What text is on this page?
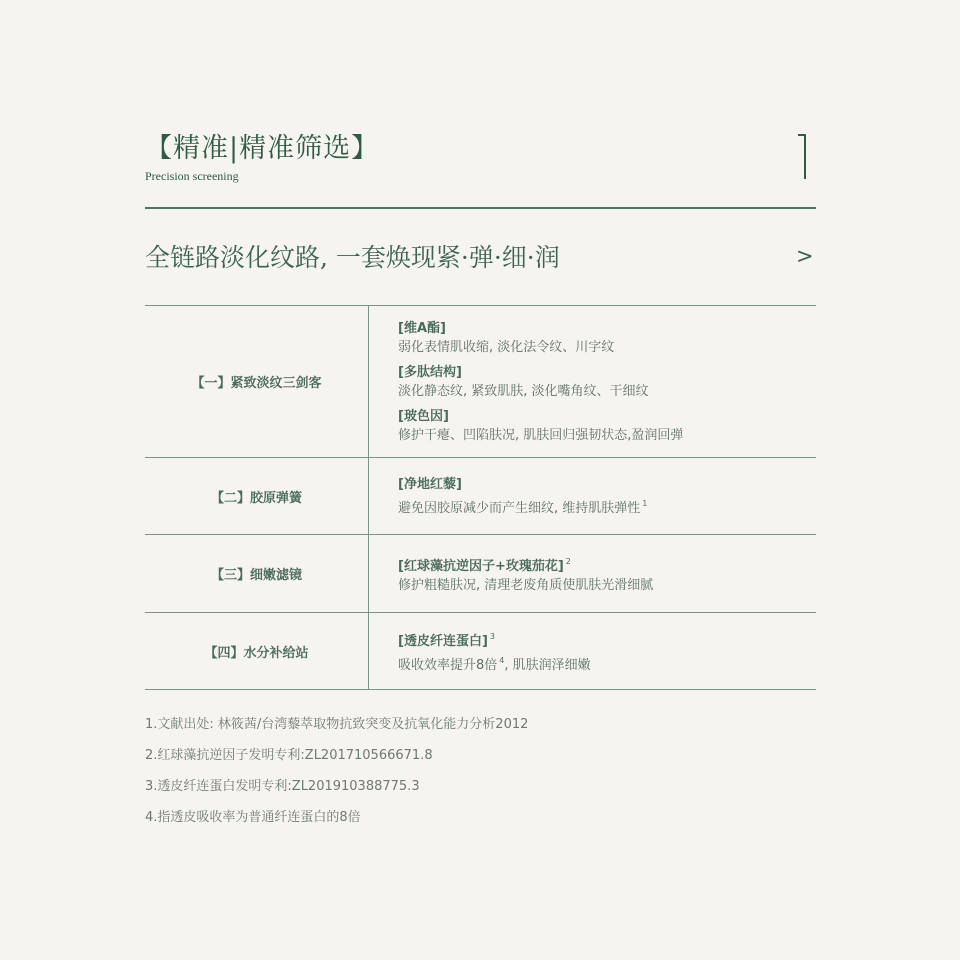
【精准|精准筛选】
Precision screening
全链路淡化纹路, 一套焕现紧·弹·细·润	>
【一】紧致淡纹三剑客
[维A酯]
弱化表情肌收缩, 淡化法令纹、川字纹
[多肽结构]
淡化静态纹, 紧致肌肤, 淡化嘴角纹、干细纹
[玻色因]
修护干瘪、凹陷肤况, 肌肤回归强韧状态,盈润回弹
【二】胶原弹簧
[净地红藜]
避免因胶原减少而产生细纹, 维持肌肤弹性 $^1$
【三】细嫩滤镜
[红球藻抗逆因子+玫瑰茄花] $^2$
修护粗糙肤况, 清理老废角质使肌肤光滑细腻
【四】水分补给站
[透皮纤连蛋白] $^3$
吸收效率提升8倍 $^4$, 肌肤润泽细嫩
1.文献出处: 林筱茜/台湾藜萃取物抗致突变及抗氧化能力分析2012
2.红球藻抗逆因子发明专利:ZL201710566671.8
3.透皮纤连蛋白发明专利:ZL201910388775.3
4.指透皮吸收率为普通纤连蛋白的8倍
